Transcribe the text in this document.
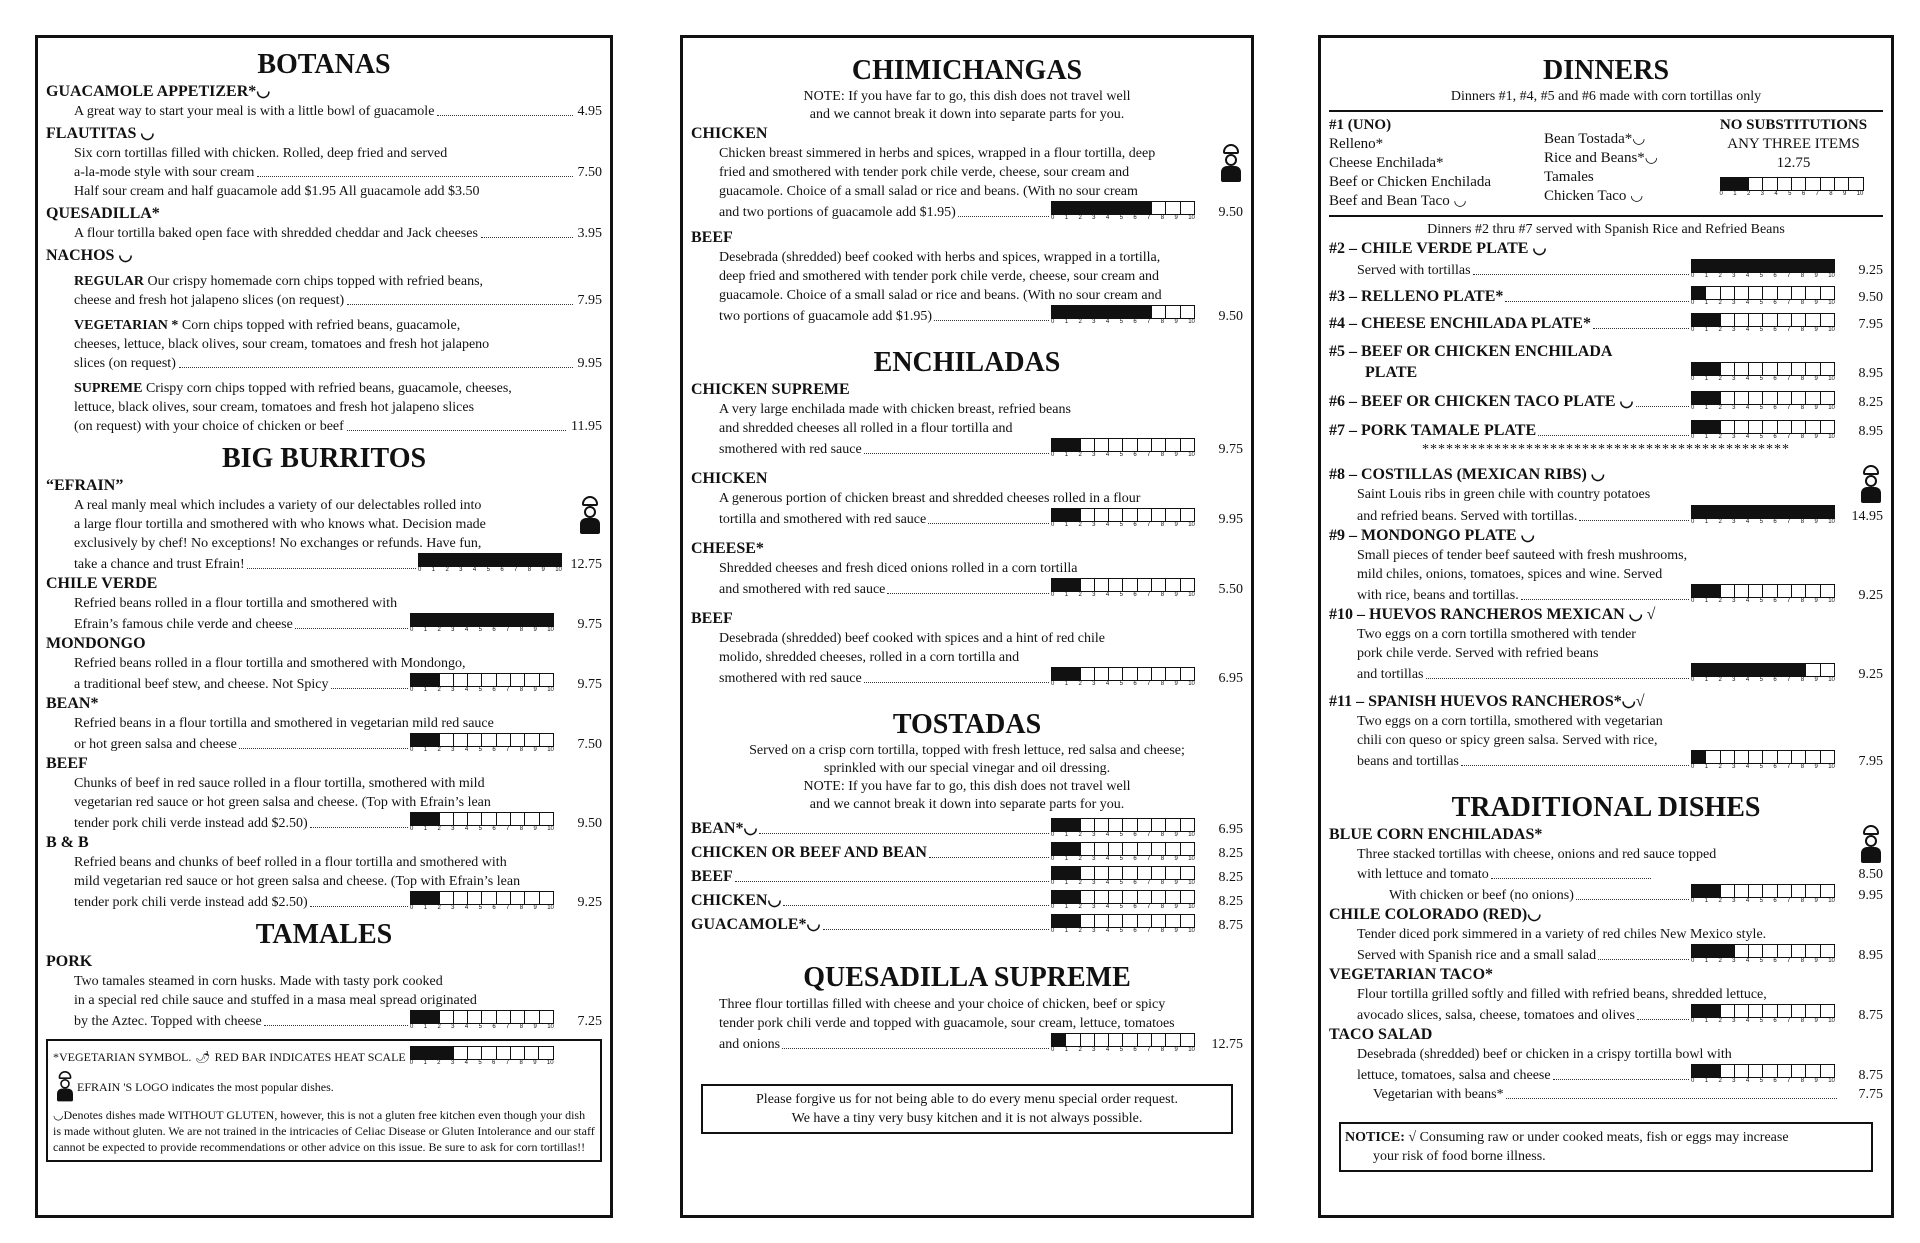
BOTANAS
GUACAMOLE APPETIZER*◡
A great way to start your meal is with a little bowl of guacamole	4.95
FLAUTITAS ◡
Six corn tortillas filled with chicken. Rolled, deep fried and served
a-la-mode style with sour cream	7.50
Half sour cream and half guacamole add $1.95 All guacamole add $3.50
QUESADILLA*
A flour tortilla baked open face with shredded cheddar and Jack cheeses	3.95
NACHOS ◡
REGULAR Our crispy homemade corn chips topped with refried beans,
cheese and fresh hot jalapeno slices (on request)	7.95
VEGETARIAN * Corn chips topped with refried beans, guacamole,
cheeses, lettuce, black olives, sour cream, tomatoes and fresh hot jalapeno
slices (on request)	9.95
SUPREME Crispy corn chips topped with refried beans, guacamole, cheeses,
lettuce, black olives, sour cream, tomatoes and fresh hot jalapeno slices
(on request) with your choice of chicken or beef	11.95
BIG BURRITOS
“EFRAIN”
A real manly meal which includes a variety of our delectables rolled into
a large flour tortilla and smothered with who knows what. Decision made
exclusively by chef! No exceptions! No exchanges or refunds. Have fun,
take a chance and trust Efrain!	0 1 2 3 4 5 6 7 8 9 10 12.75
CHILE VERDE
Refried beans rolled in a flour tortilla and smothered with
Efrain’s famous chile verde and cheese	0 1 2 3 4 5 6 7 8 9 10	9.75
MONDONGO
Refried beans rolled in a flour tortilla and smothered with Mondongo,
a traditional beef stew, and cheese. Not Spicy	0 1 2 3 4 5 6 7 8 9 10	9.75
BEAN*
Refried beans in a flour tortilla and smothered in vegetarian mild red sauce
or hot green salsa and cheese	0 1 2 3 4 5 6 7 8 9 10	7.50
BEEF
Chunks of beef in red sauce rolled in a flour tortilla, smothered with mild
vegetarian red sauce or hot green salsa and cheese. (Top with Efrain’s lean
tender pork chili verde instead add $2.50)	0 1 2 3 4 5 6 7 8 9 10	9.50
B & B
Refried beans and chunks of beef rolled in a flour tortilla and smothered with
mild vegetarian red sauce or hot green salsa and cheese. (Top with Efrain’s lean
tender pork chili verde instead add $2.50)	0 1 2 3 4 5 6 7 8 9 10	9.25
TAMALES
PORK
Two tamales steamed in corn husks. Made with tasty pork cooked
in a special red chile sauce and stuffed in a masa meal spread originated
by the Aztec. Topped with cheese	0 1 2 3 4 5 6 7 8 9 10	7.25
*VEGETARIAN SYMBOL. 🌶 RED BAR INDICATES HEAT SCALE 0 1 2 3 4 5 6 7 8 9 10
EFRAIN 'S LOGO indicates the most popular dishes.
◡Denotes dishes made WITHOUT GLUTEN, however, this is not a gluten free kitchen even though your dish is made without gluten. We are not trained in the intricacies of Celiac Disease or Gluten Intolerance and our staff cannot be expected to provide recommendations or other advice on this issue. Be sure to ask for corn tortillas!!
CHIMICHANGAS
NOTE: If you have far to go, this dish does not travel well
and we cannot break it down into separate parts for you.
CHICKEN
Chicken breast simmered in herbs and spices, wrapped in a flour tortilla, deep
fried and smothered with tender pork chile verde, cheese, sour cream and
guacamole. Choice of a small salad or rice and beans. (With no sour cream
and two portions of guacamole add $1.95)	0 1 2 3 4 5 6 7 8 9 10	9.50
BEEF
Desebrada (shredded) beef cooked with herbs and spices, wrapped in a tortilla,
deep fried and smothered with tender pork chile verde, cheese, sour cream and
guacamole. Choice of a small salad or rice and beans. (With no sour cream and
two portions of guacamole add $1.95)	0 1 2 3 4 5 6 7 8 9 10	9.50
ENCHILADAS
CHICKEN SUPREME
A very large enchilada made with chicken breast, refried beans
and shredded cheeses all rolled in a flour tortilla and
smothered with red sauce	0 1 2 3 4 5 6 7 8 9 10	9.75
CHICKEN
A generous portion of chicken breast and shredded cheeses rolled in a flour
tortilla and smothered with red sauce	0 1 2 3 4 5 6 7 8 9 10	9.95
CHEESE*
Shredded cheeses and fresh diced onions rolled in a corn tortilla
and smothered with red sauce	0 1 2 3 4 5 6 7 8 9 10	5.50
BEEF
Desebrada (shredded) beef cooked with spices and a hint of red chile
molido, shredded cheeses, rolled in a corn tortilla and
smothered with red sauce	0 1 2 3 4 5 6 7 8 9 10	6.95
TOSTADAS
Served on a crisp corn tortilla, topped with fresh lettuce, red salsa and cheese;
sprinkled with our special vinegar and oil dressing.
NOTE: If you have far to go, this dish does not travel well
and we cannot break it down into separate parts for you.
BEAN*◡	0 1 2 3 4 5 6 7 8 9 10	6.95
CHICKEN OR BEEF AND BEAN	0 1 2 3 4 5 6 7 8 9 10	8.25
BEEF	0 1 2 3 4 5 6 7 8 9 10	8.25
CHICKEN◡	0 1 2 3 4 5 6 7 8 9 10	8.25
GUACAMOLE*◡	0 1 2 3 4 5 6 7 8 9 10	8.75
QUESADILLA SUPREME
Three flour tortillas filled with cheese and your choice of chicken, beef or spicy
tender pork chili verde and topped with guacamole, sour cream, lettuce, tomatoes
and onions	0 1 2 3 4 5 6 7 8 9 10	12.75
Please forgive us for not being able to do every menu special order request.
We have a tiny very busy kitchen and it is not always possible.
DINNERS
Dinners #1, #4, #5 and #6 made with corn tortillas only
#1 (UNO)
Relleno*
Cheese Enchilada*
Beef or Chicken Enchilada
Beef and Bean Taco ◡
Bean Tostada*◡
Rice and Beans*◡
Tamales
Chicken Taco ◡
NO SUBSTITUTIONS
ANY THREE ITEMS
12.75
0 1 2 3 4 5 6 7 8 9 10
Dinners #2 thru #7 served with Spanish Rice and Refried Beans
#2 – CHILE VERDE PLATE ◡
Served with tortillas	0 1 2 3 4 5 6 7 8 9 10	9.25
#3 – RELLENO PLATE*	0 1 2 3 4 5 6 7 8 9 10	9.50
#4 – CHEESE ENCHILADA PLATE*	0 1 2 3 4 5 6 7 8 9 10	7.95
#5 – BEEF OR CHICKEN ENCHILADA
PLATE	0 1 2 3 4 5 6 7 8 9 10	8.95
#6 – BEEF OR CHICKEN TACO PLATE ◡	0 1 2 3 4 5 6 7 8 9 10	8.25
#7 – PORK TAMALE PLATE	0 1 2 3 4 5 6 7 8 9 10	8.95
**********************************************
#8 – COSTILLAS (MEXICAN RIBS) ◡
Saint Louis ribs in green chile with country potatoes
and refried beans. Served with tortillas.	0 1 2 3 4 5 6 7 8 9 10	14.95
#9 – MONDONGO PLATE ◡
Small pieces of tender beef sauteed with fresh mushrooms,
mild chiles, onions, tomatoes, spices and wine. Served
with rice, beans and tortillas.	0 1 2 3 4 5 6 7 8 9 10	9.25
#10 – HUEVOS RANCHEROS MEXICAN ◡ √
Two eggs on a corn tortilla smothered with tender
pork chile verde. Served with refried beans
and tortillas	0 1 2 3 4 5 6 7 8 9 10	9.25
#11 – SPANISH HUEVOS RANCHEROS*◡√
Two eggs on a corn tortilla, smothered with vegetarian
chili con queso or spicy green salsa. Served with rice,
beans and tortillas	0 1 2 3 4 5 6 7 8 9 10	7.95
TRADITIONAL DISHES
BLUE CORN ENCHILADAS*
Three stacked tortillas with cheese, onions and red sauce topped
with lettuce and tomato	8.50
With chicken or beef (no onions)	0 1 2 3 4 5 6 7 8 9 10	9.95
CHILE COLORADO (RED)◡
Tender diced pork simmered in a variety of red chiles New Mexico style.
Served with Spanish rice and a small salad	0 1 2 3 4 5 6 7 8 9 10	8.95
VEGETARIAN TACO*
Flour tortilla grilled softly and filled with refried beans, shredded lettuce,
avocado slices, salsa, cheese, tomatoes and olives	0 1 2 3 4 5 6 7 8 9 10	8.75
TACO SALAD
Desebrada (shredded) beef or chicken in a crispy tortilla bowl with
lettuce, tomatoes, salsa and cheese	0 1 2 3 4 5 6 7 8 9 10	8.75
Vegetarian with beans*	7.75
NOTICE: √ Consuming raw or under cooked meats, fish or eggs may increase
your risk of food borne illness.
